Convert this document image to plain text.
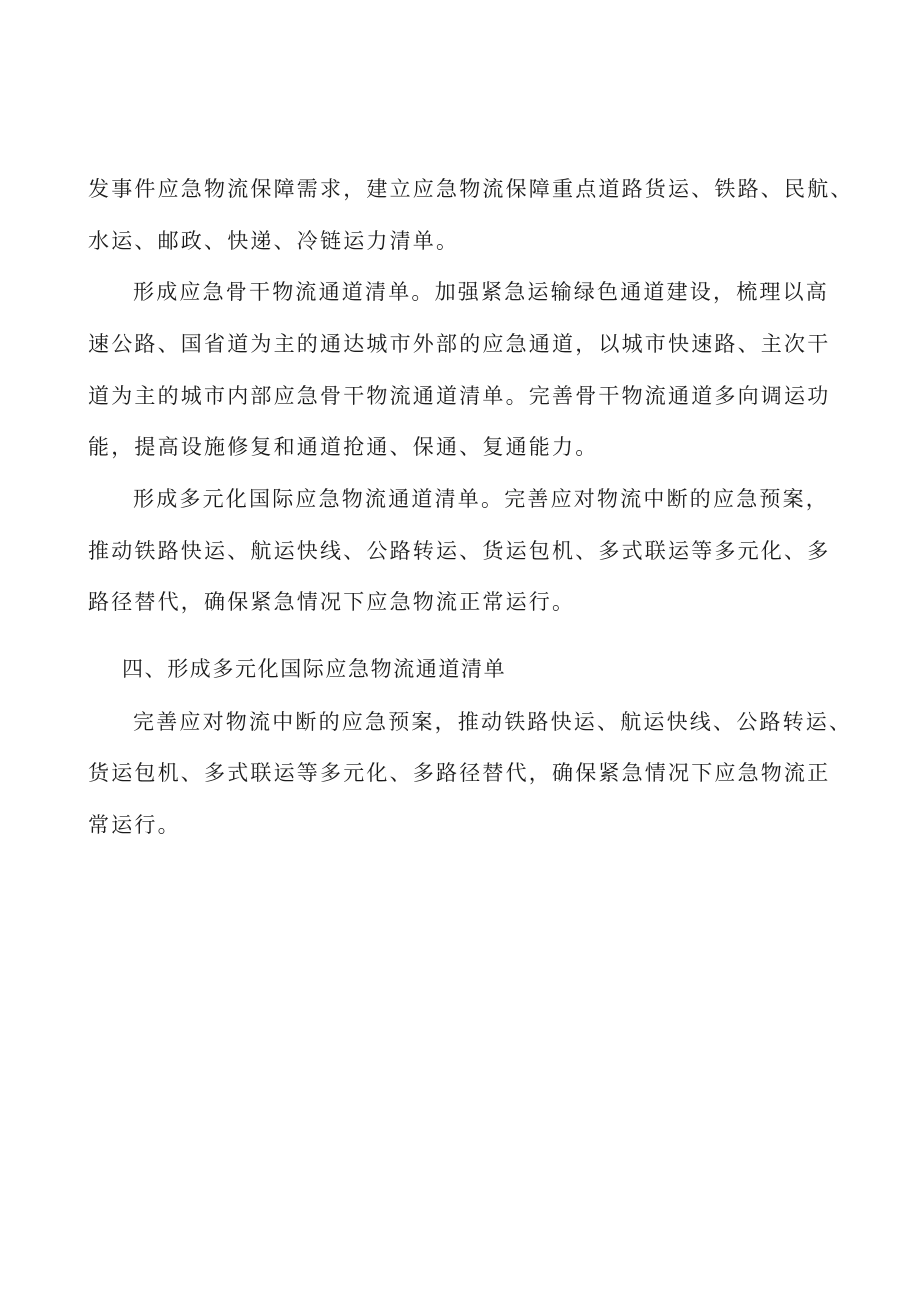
发事件应急物流保障需求，建立应急物流保障重点道路货运、铁路、民航、
水运、邮政、快递、冷链运力清单。
形成应急骨干物流通道清单。加强紧急运输绿色通道建设，梳理以高
速公路、国省道为主的通达城市外部的应急通道，以城市快速路、主次干
道为主的城市内部应急骨干物流通道清单。完善骨干物流通道多向调运功
能，提高设施修复和通道抢通、保通、复通能力。
形成多元化国际应急物流通道清单。完善应对物流中断的应急预案，
推动铁路快运、航运快线、公路转运、货运包机、多式联运等多元化、多
路径替代，确保紧急情况下应急物流正常运行。
四、形成多元化国际应急物流通道清单
完善应对物流中断的应急预案，推动铁路快运、航运快线、公路转运、
货运包机、多式联运等多元化、多路径替代，确保紧急情况下应急物流正
常运行。
